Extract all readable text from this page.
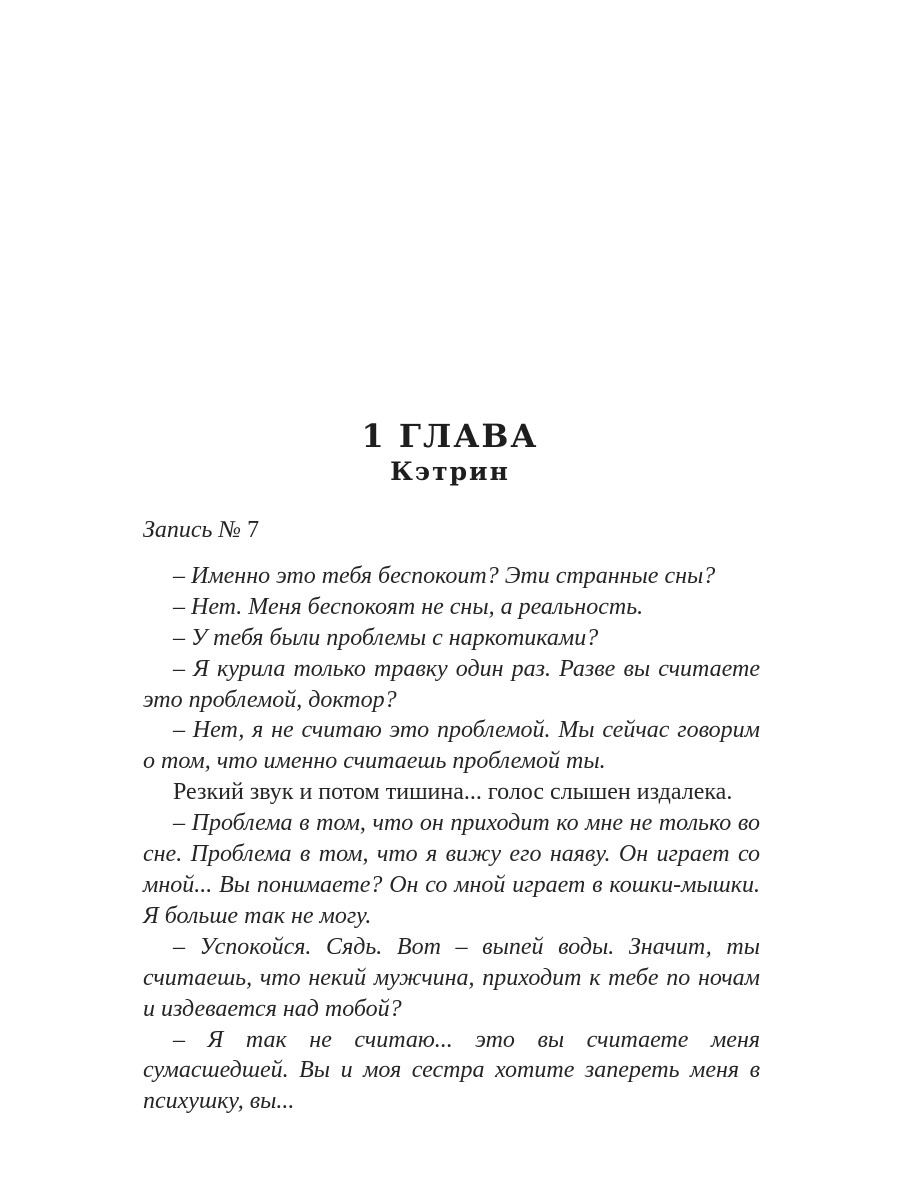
1 ГЛАВА
Кэтрин

Запись № 7

– Именно это тебя беспокоит? Эти странные сны?

– Нет. Меня беспокоят не сны, а реальность.

– У тебя были проблемы с наркотиками?

– Я курила только травку один раз. Разве вы считаете это проблемой, доктор?

– Нет, я не считаю это проблемой. Мы сейчас говорим о том, что именно считаешь проблемой ты.

Резкий звук и потом тишина... голос слышен издалека.

– Проблема в том, что он приходит ко мне не только во сне. Проблема в том, что я вижу его наяву. Он играет со мной... Вы понимаете? Он со мной играет в кошки-мышки. Я больше так не могу.

– Успокойся. Сядь. Вот – выпей воды. Значит, ты считаешь, что некий мужчина, приходит к тебе по ночам и издевается над тобой?

– Я так не считаю... это вы считаете меня сумасшедшей. Вы и моя сестра хотите запереть меня в психушку, вы...
